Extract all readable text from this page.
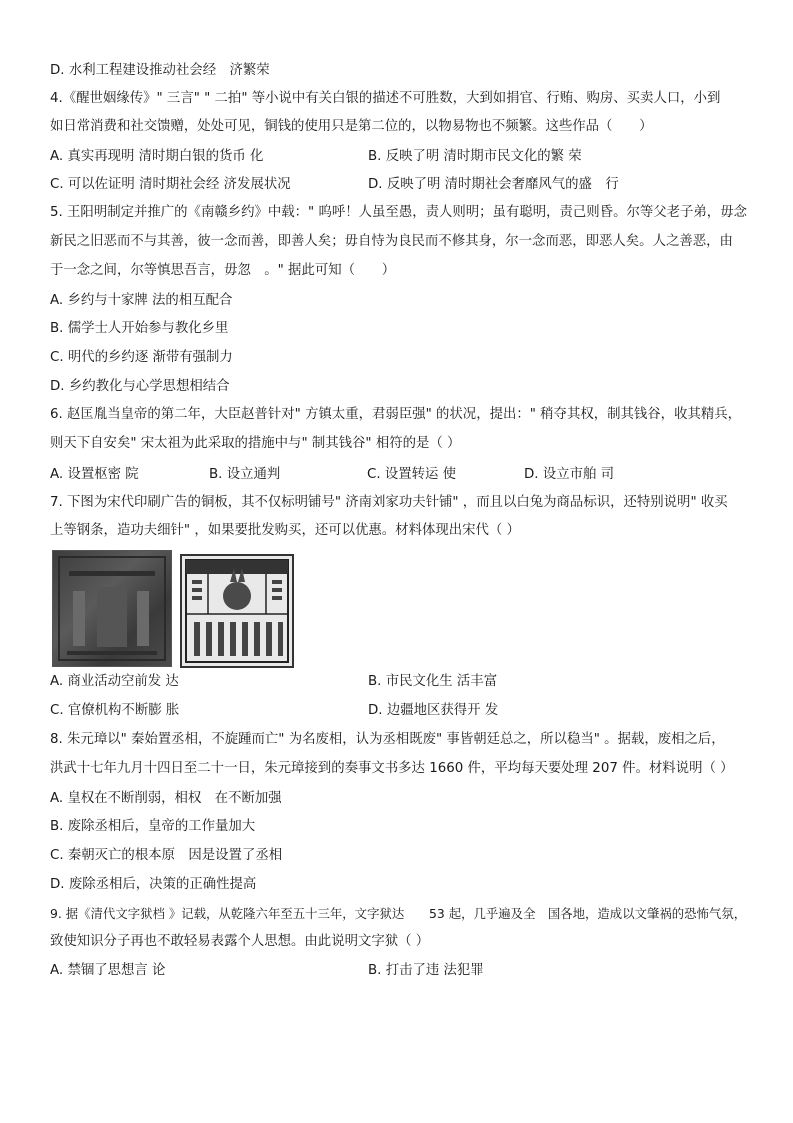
D. 水利工程建设推动社会经　济繁荣
4.《醒世姻缘传》" 三言" " 二拍" 等小说中有关白银的描述不可胜数，大到如捐官、行贿、购房、买卖人口，小到
如日常消费和社交馈赠，处处可见，铜钱的使用只是第二位的，以物易物也不频繁。这些作品（　　）
A. 真实再现明 清时期白银的货币 化	B. 反映了明 清时期市民文化的繁 荣
C. 可以佐证明 清时期社会经 济发展状况	D. 反映了明 清时期社会奢靡风气的盛　行
5. 王阳明制定并推广的《南赣乡约》中载：" 呜呼！人虽至愚，责人则明；虽有聪明，责己则昏。尔等父老子弟，毋念
新民之旧恶而不与其善，彼一念而善，即善人矣；毋自恃为良民而不修其身，尔一念而恶，即恶人矣。人之善恶，由
于一念之间，尔等慎思吾言，毋忽　。" 据此可知（　　）
A. 乡约与十家牌 法的相互配合
B. 儒学士人开始参与教化乡里
C. 明代的乡约逐 渐带有强制力
D. 乡约教化与心学思想相结合
6. 赵匡胤当皇帝的第二年，大臣赵普针对" 方镇太重，君弱臣强" 的状况，提出：" 稍夺其权，制其钱谷，收其精兵，
则天下自安矣" 宋太祖为此采取的措施中与" 制其钱谷" 相符的是（ ）
A. 设置枢密 院	B. 设立通判	C. 设置转运 使	D. 设立市舶 司
7. 下图为宋代印刷广告的铜板，其不仅标明铺号" 济南刘家功夫针铺" ，而且以白兔为商品标识，还特别说明" 收买
上等钢条，造功夫细针" ，如果要批发购买，还可以优惠。材料体现出宋代（ ）
A. 商业活动空前发 达	B. 市民文化生 活丰富
C. 官僚机构不断膨 胀	D. 边疆地区获得开 发
8. 朱元璋以" 秦始置丞相，不旋踵而亡" 为名废相，认为丞相既废" 事皆朝廷总之，所以稳当" 。据载，废相之后，
洪武十七年九月十四日至二十一日，朱元璋接到的奏事文书多达 1660 件，平均每天要处理 207 件。材料说明（ ）
A. 皇权在不断削弱，相权　在不断加强
B. 废除丞相后，皇帝的工作量加大
C. 秦朝灭亡的根本原　因是设置了丞相
D. 废除丞相后，决策的正确性提高
9. 据《清代文字狱档 》记载，从乾隆六年至五十三年，文字狱达　　53 起，几乎遍及全　国各地，造成以文肇祸的恐怖气氛，
致使知识分子再也不敢轻易表露个人思想。由此说明文字狱（ ）
A. 禁锢了思想言 论	B. 打击了违 法犯罪
